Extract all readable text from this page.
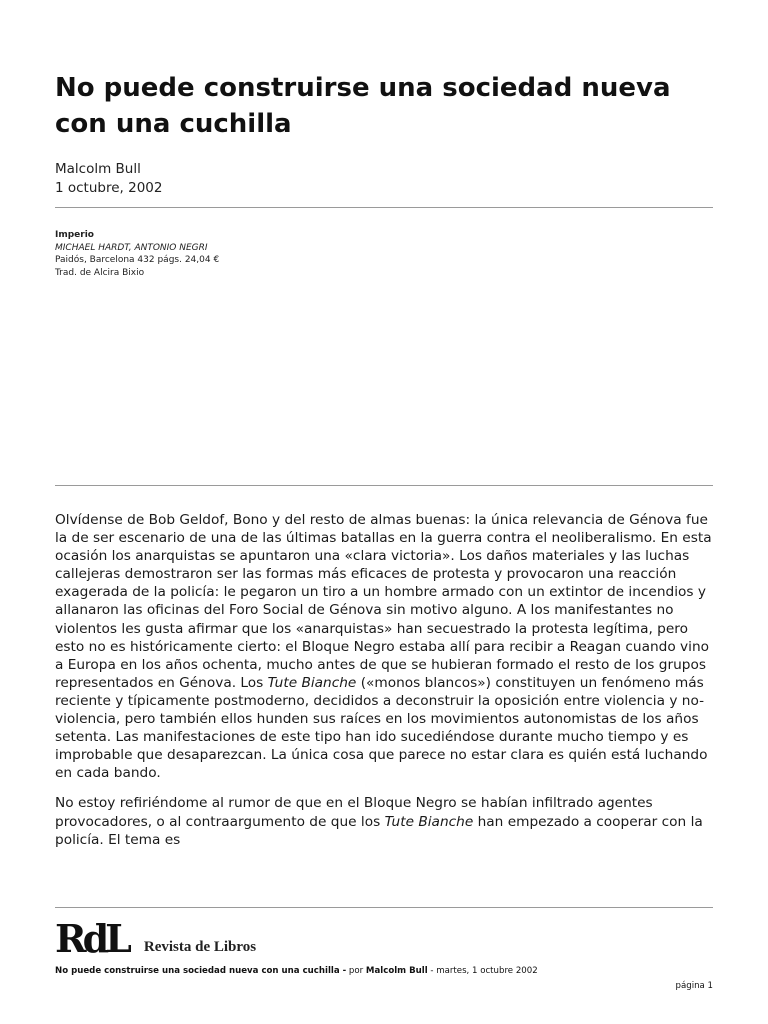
No puede construirse una sociedad nueva con una cuchilla
Malcolm Bull
1 octubre, 2002
Imperio
MICHAEL HARDT, ANTONIO NEGRI
Paidós, Barcelona 432 págs. 24,04 €
Trad. de Alcira Bixio

Olvídense de Bob Geldof, Bono y del resto de almas buenas: la única relevancia de Génova fue la de ser escenario de una de las últimas batallas en la guerra contra el neoliberalismo. En esta ocasión los anarquistas se apuntaron una «clara victoria». Los daños materiales y las luchas callejeras demostraron ser las formas más eficaces de protesta y provocaron una reacción exagerada de la policía: le pegaron un tiro a un hombre armado con un extintor de incendios y allanaron las oficinas del Foro Social de Génova sin motivo alguno. A los manifestantes no violentos les gusta afirmar que los «anarquistas» han secuestrado la protesta legítima, pero esto no es históricamente cierto: el Bloque Negro estaba allí para recibir a Reagan cuando vino a Europa en los años ochenta, mucho antes de que se hubieran formado el resto de los grupos representados en Génova. Los Tute Bianche («monos blancos») constituyen un fenómeno más reciente y típicamente postmoderno, decididos a deconstruir la oposición entre violencia y no-violencia, pero también ellos hunden sus raíces en los movimientos autonomistas de los años setenta. Las manifestaciones de este tipo han ido sucediéndose durante mucho tiempo y es improbable que desaparezcan. La única cosa que parece no estar clara es quién está luchando en cada bando.

No estoy refiriéndome al rumor de que en el Bloque Negro se habían infiltrado agentes provocadores, o al contraargumento de que los Tute Bianche han empezado a cooperar con la policía. El tema es

RdL Revista de Libros
No puede construirse una sociedad nueva con una cuchilla - por Malcolm Bull - martes, 1 octubre 2002
página 1
